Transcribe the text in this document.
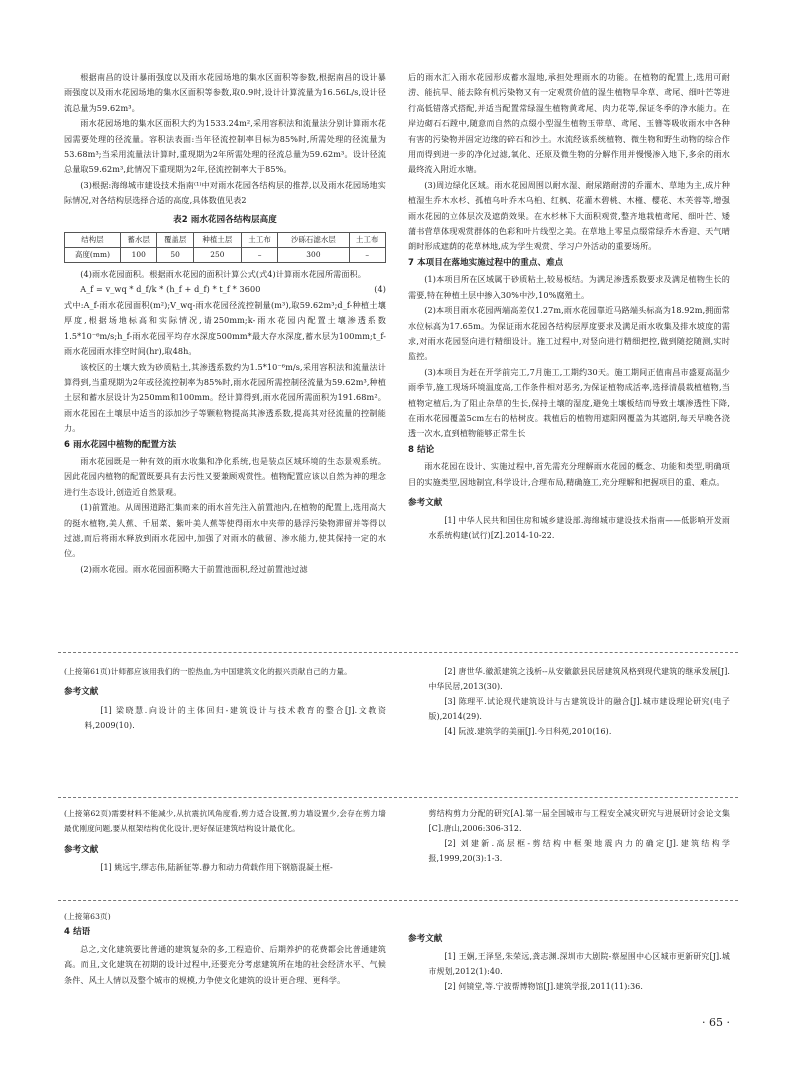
根据南昌的设计暴雨强度以及雨水花园场地的集水区面积等参数,根据南昌的设计暴雨强度以及雨水花园场地的集水区面积等参数,取0.9时,设计计算流量为16.56L/s,设计径流总量为59.62m³。

雨水花园场地的集水区面积大约为1533.24m²,采用容积法和流量法分别计算雨水花园需要处理的径流量。容积法表面:当年径流控制率目标为85%时,所需处理的径流量为53.68m³;当采用流量法计算时,重现期为2年所需处理的径流总量为59.62m³。设计径流总量取59.62m³,此情况下重现期为2年,径流控制率大于85%。

(3)根据:海绵城市建设技术指南⁽¹⁾中对雨水花园各结构层的推荐,以及雨水花园场地实际情况,对各结构层选择合适的高度,具体数值见表2

表2 雨水花园各结构层高度
结构层	蓄水层	覆盖层	种植土层	土工布	沙砾石滤水层	土工布
高度(mm)	100	50	250	–	300	–

(4)雨水花园面积。根据雨水花园的面积计算公式(式4)计算雨水花园所需面积。

A_f = v_wq * d_f/k * (h_f + d_f) * t_f * 3600	(4)

式中:A_f-雨水花园面积(m²);V_wq-雨水花园径流控制量(m³),取59.62m³;d_f-种植土壤厚度,根据场地标高和实际情况,请250mm;k-雨水花园内配置土壤渗透系数1.5*10⁻⁶m/s;h_f-雨水花园平均存水深度500mm*最大存水深度,蓄水层为100mm;t_f-雨水花园雨水排空时间(hr),取48h。

该校区的土壤大致为砂质粘土,其渗透系数约为1.5*10⁻⁶m/s,采用容积法和流量法计算得到,当重现期为2年或径流控制率为85%时,雨水花园所需控制径流量为59.62m³,种植土层和蓄水层设计为250mm和100mm。经计算得到,雨水花园所需面积为191.68m²。雨水花园在土壤层中适当的添加沙子等颗粒物提高其渗透系数,提高其对径流量的控制能力。

6 雨水花园中植物的配置方法

雨水花园既是一种有效的雨水收集和净化系统,也是装点区域环境的生态景观系统。因此花园内植物的配置既要具有去污性又要兼顾观赏性。植物配置应该以自然为神的理念进行生态设计,创造近自然景观。

(1)前置池。从周围道路汇集而来的雨水首先注入前置池内,在植物的配置上,选用高大的挺水植物,美人蕉、千屈菜、紫叶美人蕉等使得雨水中夹带的悬浮污染物滞留并等得以过滤,而后将雨水释放到雨水花园中,加强了对雨水的截留、渗水能力,使其保持一定的水位。

(2)雨水花园。雨水花园面积略大于前置池面积,经过前置池过滤

后的雨水汇入雨水花园形成蓄水湿地,承担处理雨水的功能。在植物的配置上,选用可耐涝、能抗旱、能去除有机污染物又有一定观赏价值的湿生植物旱伞草、鸢尾、细叶芒等进行高低错落式搭配,并适当配置常绿湿生植物黄鸢尾、肉力花等,保证冬季的净水能力。在岸边砌石石蹚中,随意而自然的点缀小型湿生植物玉带草、鸢尾、玉簪等吸收雨水中各种有害的污染物并固定边缘的碎石和沙土。水流经该系统植物、微生物和野生动物的综合作用而得到进一步的净化过滤,氧化、还原及微生物的分解作用并慢慢渗入地下,多余的雨水最终流入附近水塘。

(3)周边绿化区域。雨水花园周围以耐水湿、耐尿踏耐涝的乔灌木、草地为主,成片种植湿生乔木水杉、孤植乌叶乔木乌桕、红枫、花灌木碧桃、木槿、樱花、木芙蓉等,增强雨水花园的立体层次及遮荫效果。在水杉林下大面积观赏,整齐地栽植鸢尾、细叶芒、矮蒲书营草体现观赏群体的色彩和叶片线型之美。在草地上零星点缀常绿乔木香迎、天气晴朗时形成遮荫的花草林地,成为学生观赏、学习户外活动的重要场所。

7 本项目在落地实施过程中的重点、难点

(1)本项目所在区域属于砂质粘土,较易板结。为满足渗透系数要求及满足植物生长的需要,特在种植土层中掺入30%中沙,10%腐殖土。

(2)本项目雨水花园两端高差仅1.27m,雨水花园靠近马路端头标高为18.92m,拥面常水位标高为17.65m。为保证雨水花园各结构层厚度要求及满足雨水收集及排水坡度的需求,对雨水花园竖向进行精细设计。施工过程中,对竖向进行精细把控,做到随挖随测,实时监控。

(3)本项目为赶在开学前完工,7月施工,工期约30天。施工期间正值南昌市盛夏高温少雨季节,施工现场环境温度高,工作条件相对恶劣,为保证植物成活率,选择清晨栽植植物,当植物定植后,为了阻止杂草的生长,保持土壤的湿度,避免土壤板结而导致土壤渗透性下降,在雨水花园覆盖5cm左右的枯树皮。栽植后的植物用遮阳网覆盖为其遮阴,每天早晚各浇透一次水,直到植物能够正常生长

8 结论

雨水花园在设计、实施过程中,首先需充分理解雨水花园的概念、功能和类型,明确项目的实施类型,因地制宜,科学设计,合理布局,精确施工,充分理解和把握项目的重、难点。

参考文献

[1] 中华人民共和国住房和城乡建设部.海绵城市建设技术指南——低影响开发雨水系统构建(试行)[Z].2014-10-22.

(上接第61页)计师都应该用我们的一腔热血,为中国建筑文化的振兴贡献自己的力量。

参考文献

[1] 梁晓慧.向设计的主体回归-建筑设计与技术教育的整合[J].文教资料,2009(10).

[2] 唐世华.徽派建筑之浅析--从安徽歙县民居建筑风格到现代建筑的继承发展[J].中华民居,2013(30).

[3] 陈理平.试论现代建筑设计与古建筑设计的融合[J].城市建设理论研究(电子版),2014(29).

[4] 阮波.建筑学的美丽[J].今日科苑,2010(16).

(上接第62页)需要材料不能减少,从抗震抗风角度看,剪力适合设置,剪力墙设置少,会存在剪力墙最优刚度问题,要从框架结构优化设计,更好保证建筑结构设计最优化。

参考文献

[1] 姚远宇,缪志伟,陆新征等.静力和动力荷载作用下钢筋混凝土框-

剪结构剪力分配的研究[A].第一届全国城市与工程安全减灾研究与进展研讨会论文集[C].唐山,2006:306-312.

[2] 刘建新.高层框-剪结构中框架地震内力的确定[J].建筑结构学报,1999,20(3):1-3.

(上接第63页)
4 结语

总之,文化建筑要比普通的建筑复杂的多,工程造价、后期养护的花费都会比普通建筑高。而且,文化建筑在初期的设计过程中,还要充分考虑建筑所在地的社会经济水平、气候条件、风土人情以及整个城市的规模,力争使文化建筑的设计更合理、更科学。

参考文献

[1] 王娴,王泽坚,朱荣远,龚志渊.深圳市大剧院-蔡屋围中心区城市更新研究[J].城市规划,2012(1):40.

[2] 何镜堂,等.宁波帮博物馆[J].建筑学报,2011(11):36.

· 65 ·
